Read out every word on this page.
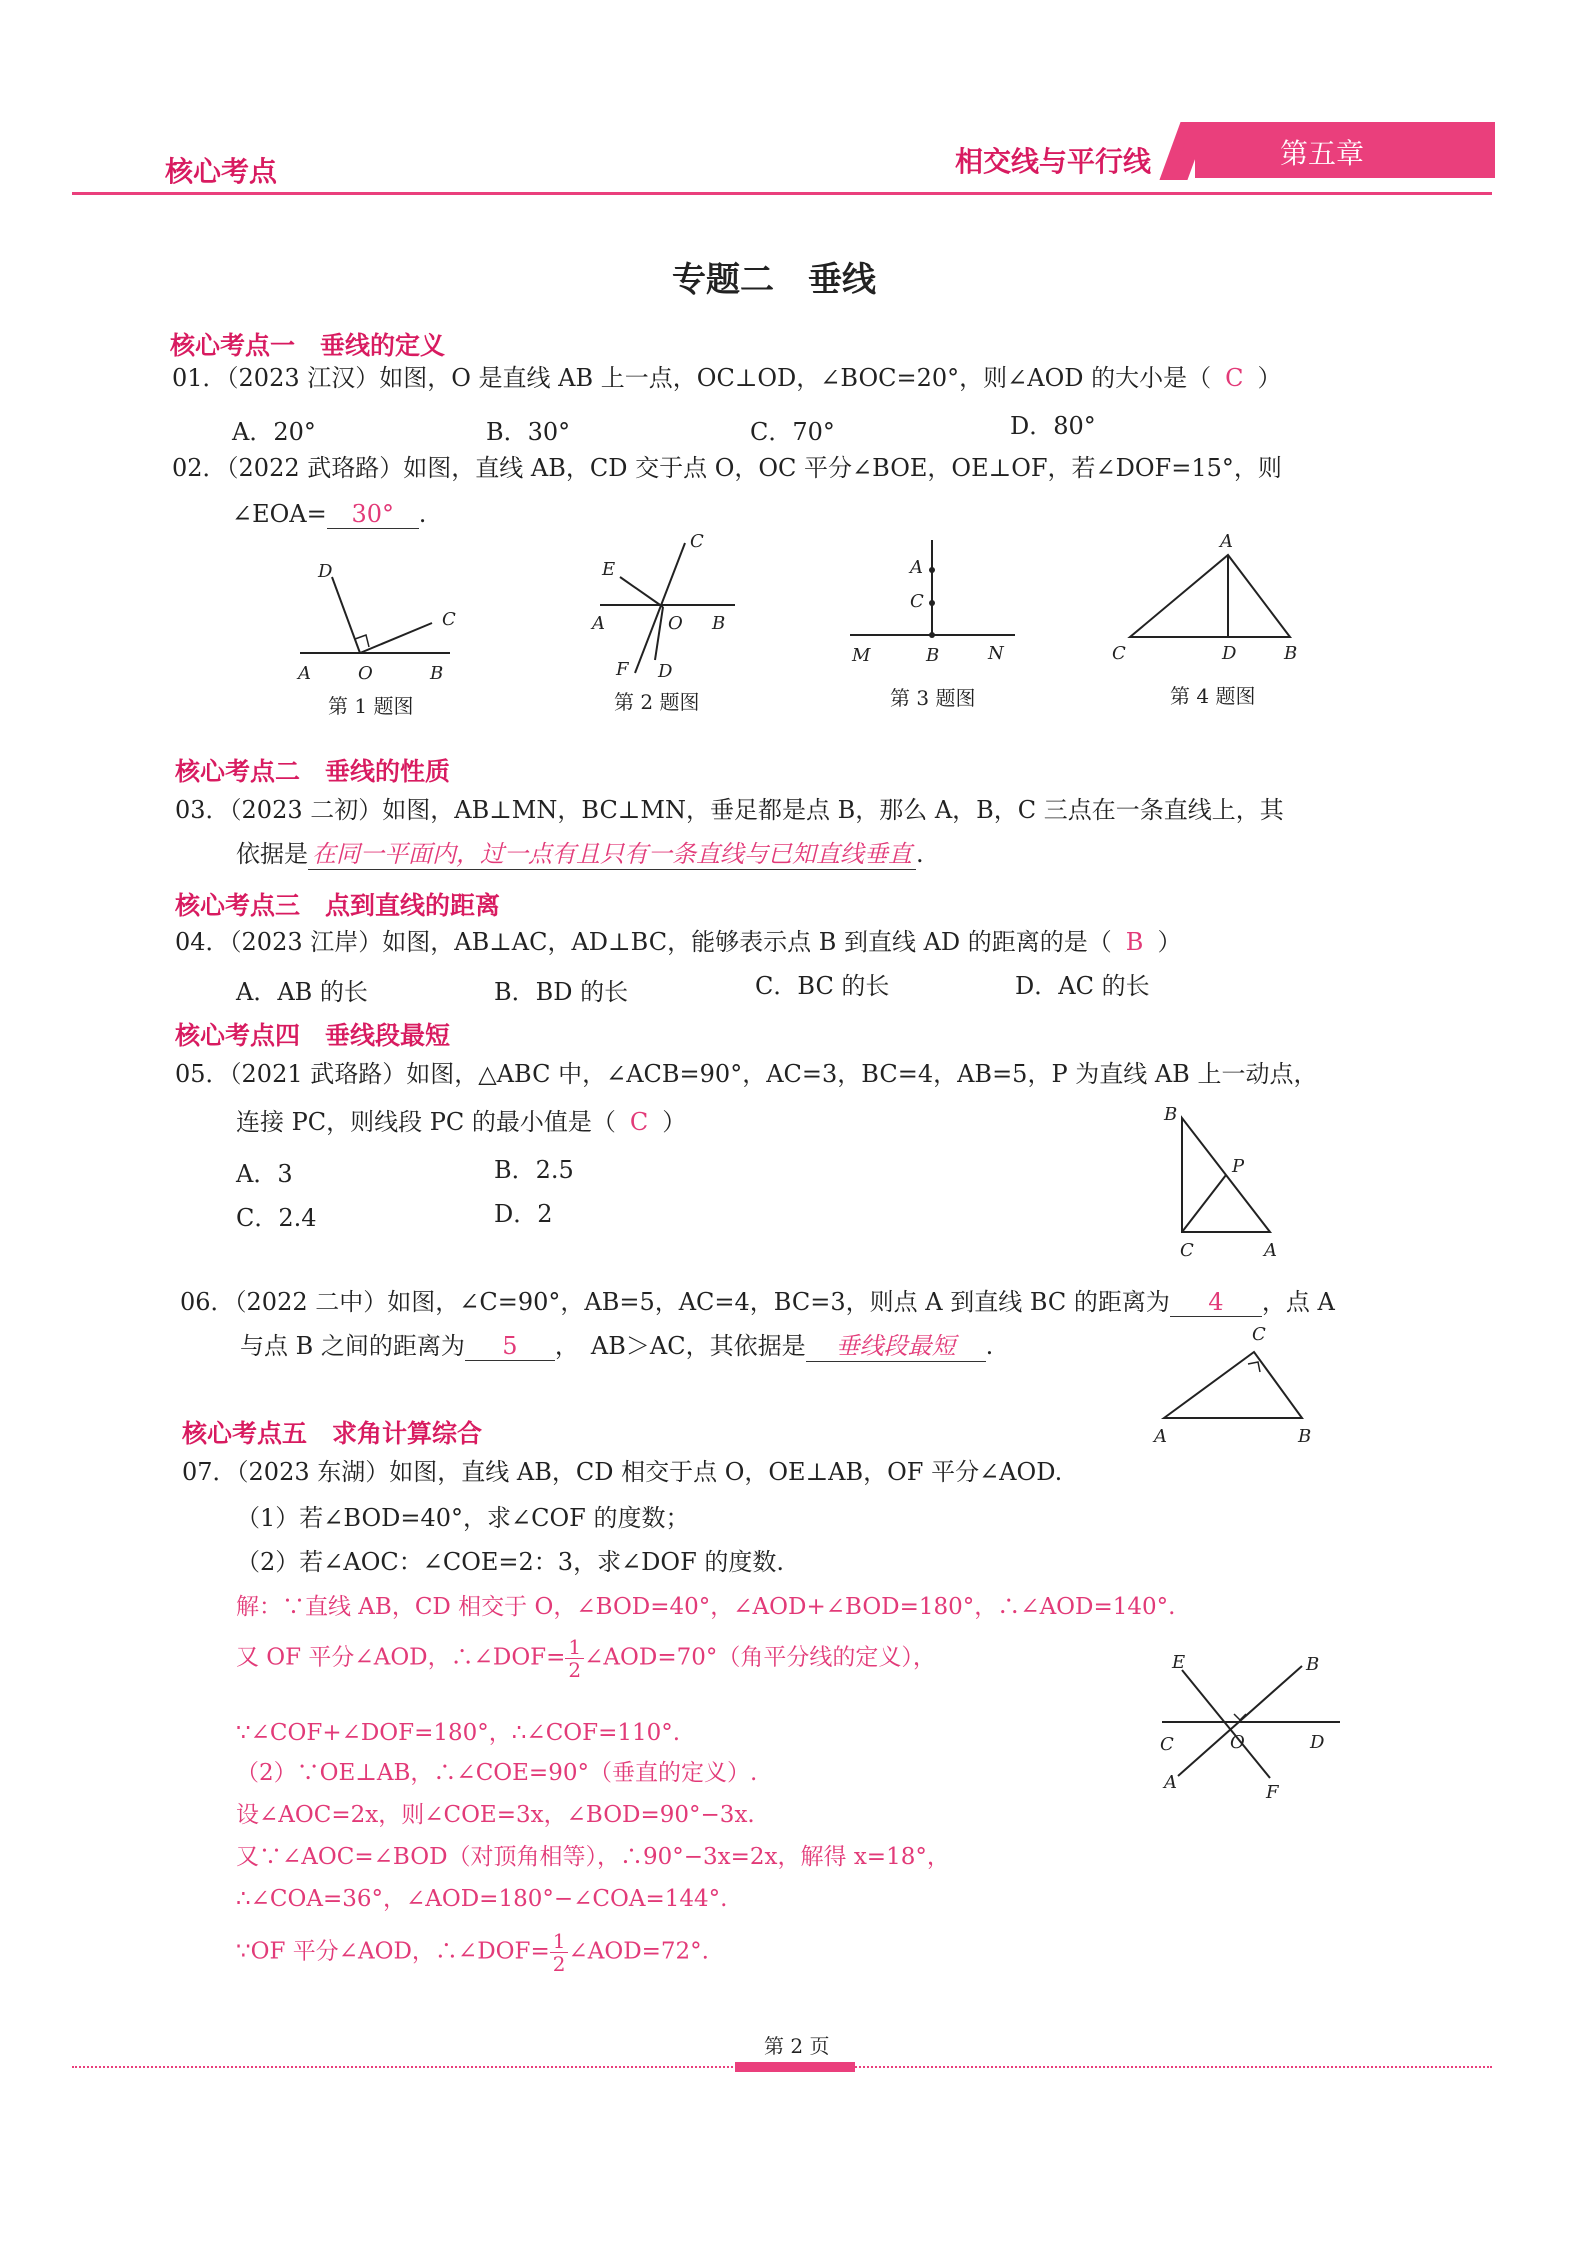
核心考点	相交线与平行线	第五章
专题二　垂线
核心考点一　垂线的定义
01．（2023 江汉）如图，O 是直线 AB 上一点，OC⊥OD，∠BOC=20°，则∠AOD 的大小是（ C ）
A．20°	B．30°	C．70°	D．80°
02．（2022 武珞路）如图，直线 AB，CD 交于点 O，OC 平分∠BOE，OE⊥OF，若∠DOF=15°，则
∠EOA= 30° .
D
C
A	O	B
第 1 题图
C
E
A	O B
F D
第 2 题图
A
C
M	B	N
第 3 题图
A
C	D	B
第 4 题图
核心考点二　垂线的性质
03．（2023 二初）如图，AB⊥MN，BC⊥MN，垂足都是点 B，那么 A，B，C 三点在一条直线上，其
依据是 在同一平面内，过一点有且只有一条直线与已知直线垂直 .
核心考点三　点到直线的距离
04．（2023 江岸）如图，AB⊥AC，AD⊥BC，能够表示点 B 到直线 AD 的距离的是（ B ）
A．AB 的长	B．BD 的长	C．BC 的长	D．AC 的长
核心考点四　垂线段最短
05．（2021 武珞路）如图，△ABC 中，∠ACB=90°，AC=3，BC=4，AB=5，P 为直线 AB 上一动点，
连接 PC，则线段 PC 的最小值是（ C ）
A．3	B．2.5
C．2.4	D．2
B
P
C	A
06．（2022 二中）如图，∠C=90°，AB=5，AC=4，BC=3，则点 A 到直线 BC 的距离为 4 ，点 A
与点 B 之间的距离为 5 ，　AB＞AC，其依据是 垂线段最短 .	C
A	B
核心考点五　求角计算综合
07．（2023 东湖）如图，直线 AB，CD 相交于点 O，OE⊥AB，OF 平分∠AOD.
（1）若∠BOD=40°，求∠COF 的度数；
（2）若∠AOC：∠COE=2：3，求∠DOF 的度数.
解：∵直线 AB，CD 相交于 O，∠BOD=40°，∠AOD+∠BOD=180°，∴∠AOD=140°.
又 OF 平分∠AOD，∴∠DOF= $\frac{1}{2}$ ∠AOD=70°（角平分线的定义），
∵∠COF+∠DOF=180°，∴∠COF=110°.
（2）∵OE⊥AB，∴∠COE=90°（垂直的定义）.
设∠AOC=2x，则∠COE=3x，∠BOD=90°−3x.
又∵∠AOC=∠BOD（对顶角相等），∴90°−3x=2x，解得 x=18°，
∴∠COA=36°，∠AOD=180°−∠COA=144°.
∵OF 平分∠AOD，∴∠DOF= $\frac{1}{2}$ ∠AOD=72°.
E	B
C	O	D
A	F
第 2 页
